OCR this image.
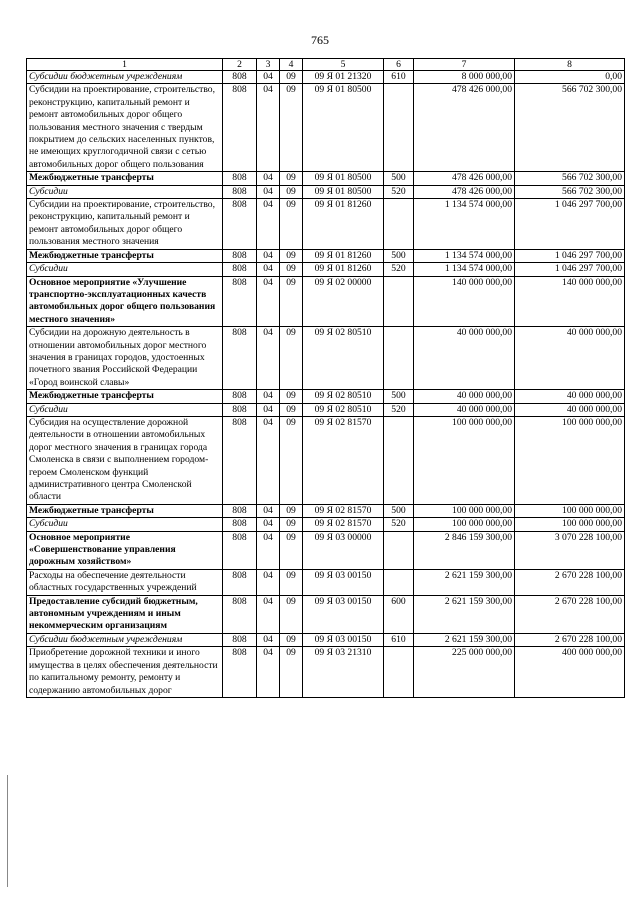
765
1	2	3	4	5	6	7	8
Субсидии бюджетным учреждениям	808	04	09	09 Я 01 21320	610	8 000 000,00	0,00
Субсидии на проектирование, строительство, реконструкцию, капитальный ремонт и ремонт автомобильных дорог общего пользования местного значения с твердым покрытием до сельских населенных пунктов, не имеющих круглогодичной связи с сетью автомобильных дорог общего пользования	808	04	09	09 Я 01 80500		478 426 000,00	566 702 300,00
Межбюджетные трансферты	808	04	09	09 Я 01 80500	500	478 426 000,00	566 702 300,00
Субсидии	808	04	09	09 Я 01 80500	520	478 426 000,00	566 702 300,00
Субсидии на проектирование, строительство, реконструкцию, капитальный ремонт и ремонт автомобильных дорог общего пользования местного значения	808	04	09	09 Я 01 81260		1 134 574 000,00	1 046 297 700,00
Межбюджетные трансферты	808	04	09	09 Я 01 81260	500	1 134 574 000,00	1 046 297 700,00
Субсидии	808	04	09	09 Я 01 81260	520	1 134 574 000,00	1 046 297 700,00
Основное мероприятие «Улучшение транспортно-эксплуатационных качеств автомобильных дорог общего пользования местного значения»	808	04	09	09 Я 02 00000		140 000 000,00	140 000 000,00
Субсидии на дорожную деятельность в отношении автомобильных дорог местного значения в границах городов, удостоенных почетного звания Российской Федерации «Город воинской славы»	808	04	09	09 Я 02 80510		40 000 000,00	40 000 000,00
Межбюджетные трансферты	808	04	09	09 Я 02 80510	500	40 000 000,00	40 000 000,00
Субсидии	808	04	09	09 Я 02 80510	520	40 000 000,00	40 000 000,00
Субсидия на осуществление дорожной деятельности в отношении автомобильных дорог местного значения в границах города Смоленска в связи с выполнением городом-героем Смоленском функций административного центра Смоленской области	808	04	09	09 Я 02 81570		100 000 000,00	100 000 000,00
Межбюджетные трансферты	808	04	09	09 Я 02 81570	500	100 000 000,00	100 000 000,00
Субсидии	808	04	09	09 Я 02 81570	520	100 000 000,00	100 000 000,00
Основное мероприятие «Совершенствование управления дорожным хозяйством»	808	04	09	09 Я 03 00000		2 846 159 300,00	3 070 228 100,00
Расходы на обеспечение деятельности областных государственных учреждений	808	04	09	09 Я 03 00150		2 621 159 300,00	2 670 228 100,00
Предоставление субсидий бюджетным, автономным учреждениям и иным некоммерческим организациям	808	04	09	09 Я 03 00150	600	2 621 159 300,00	2 670 228 100,00
Субсидии бюджетным учреждениям	808	04	09	09 Я 03 00150	610	2 621 159 300,00	2 670 228 100,00
Приобретение дорожной техники и иного имущества в целях обеспечения деятельности по капитальному ремонту, ремонту и содержанию автомобильных дорог	808	04	09	09 Я 03 21310		225 000 000,00	400 000 000,00
